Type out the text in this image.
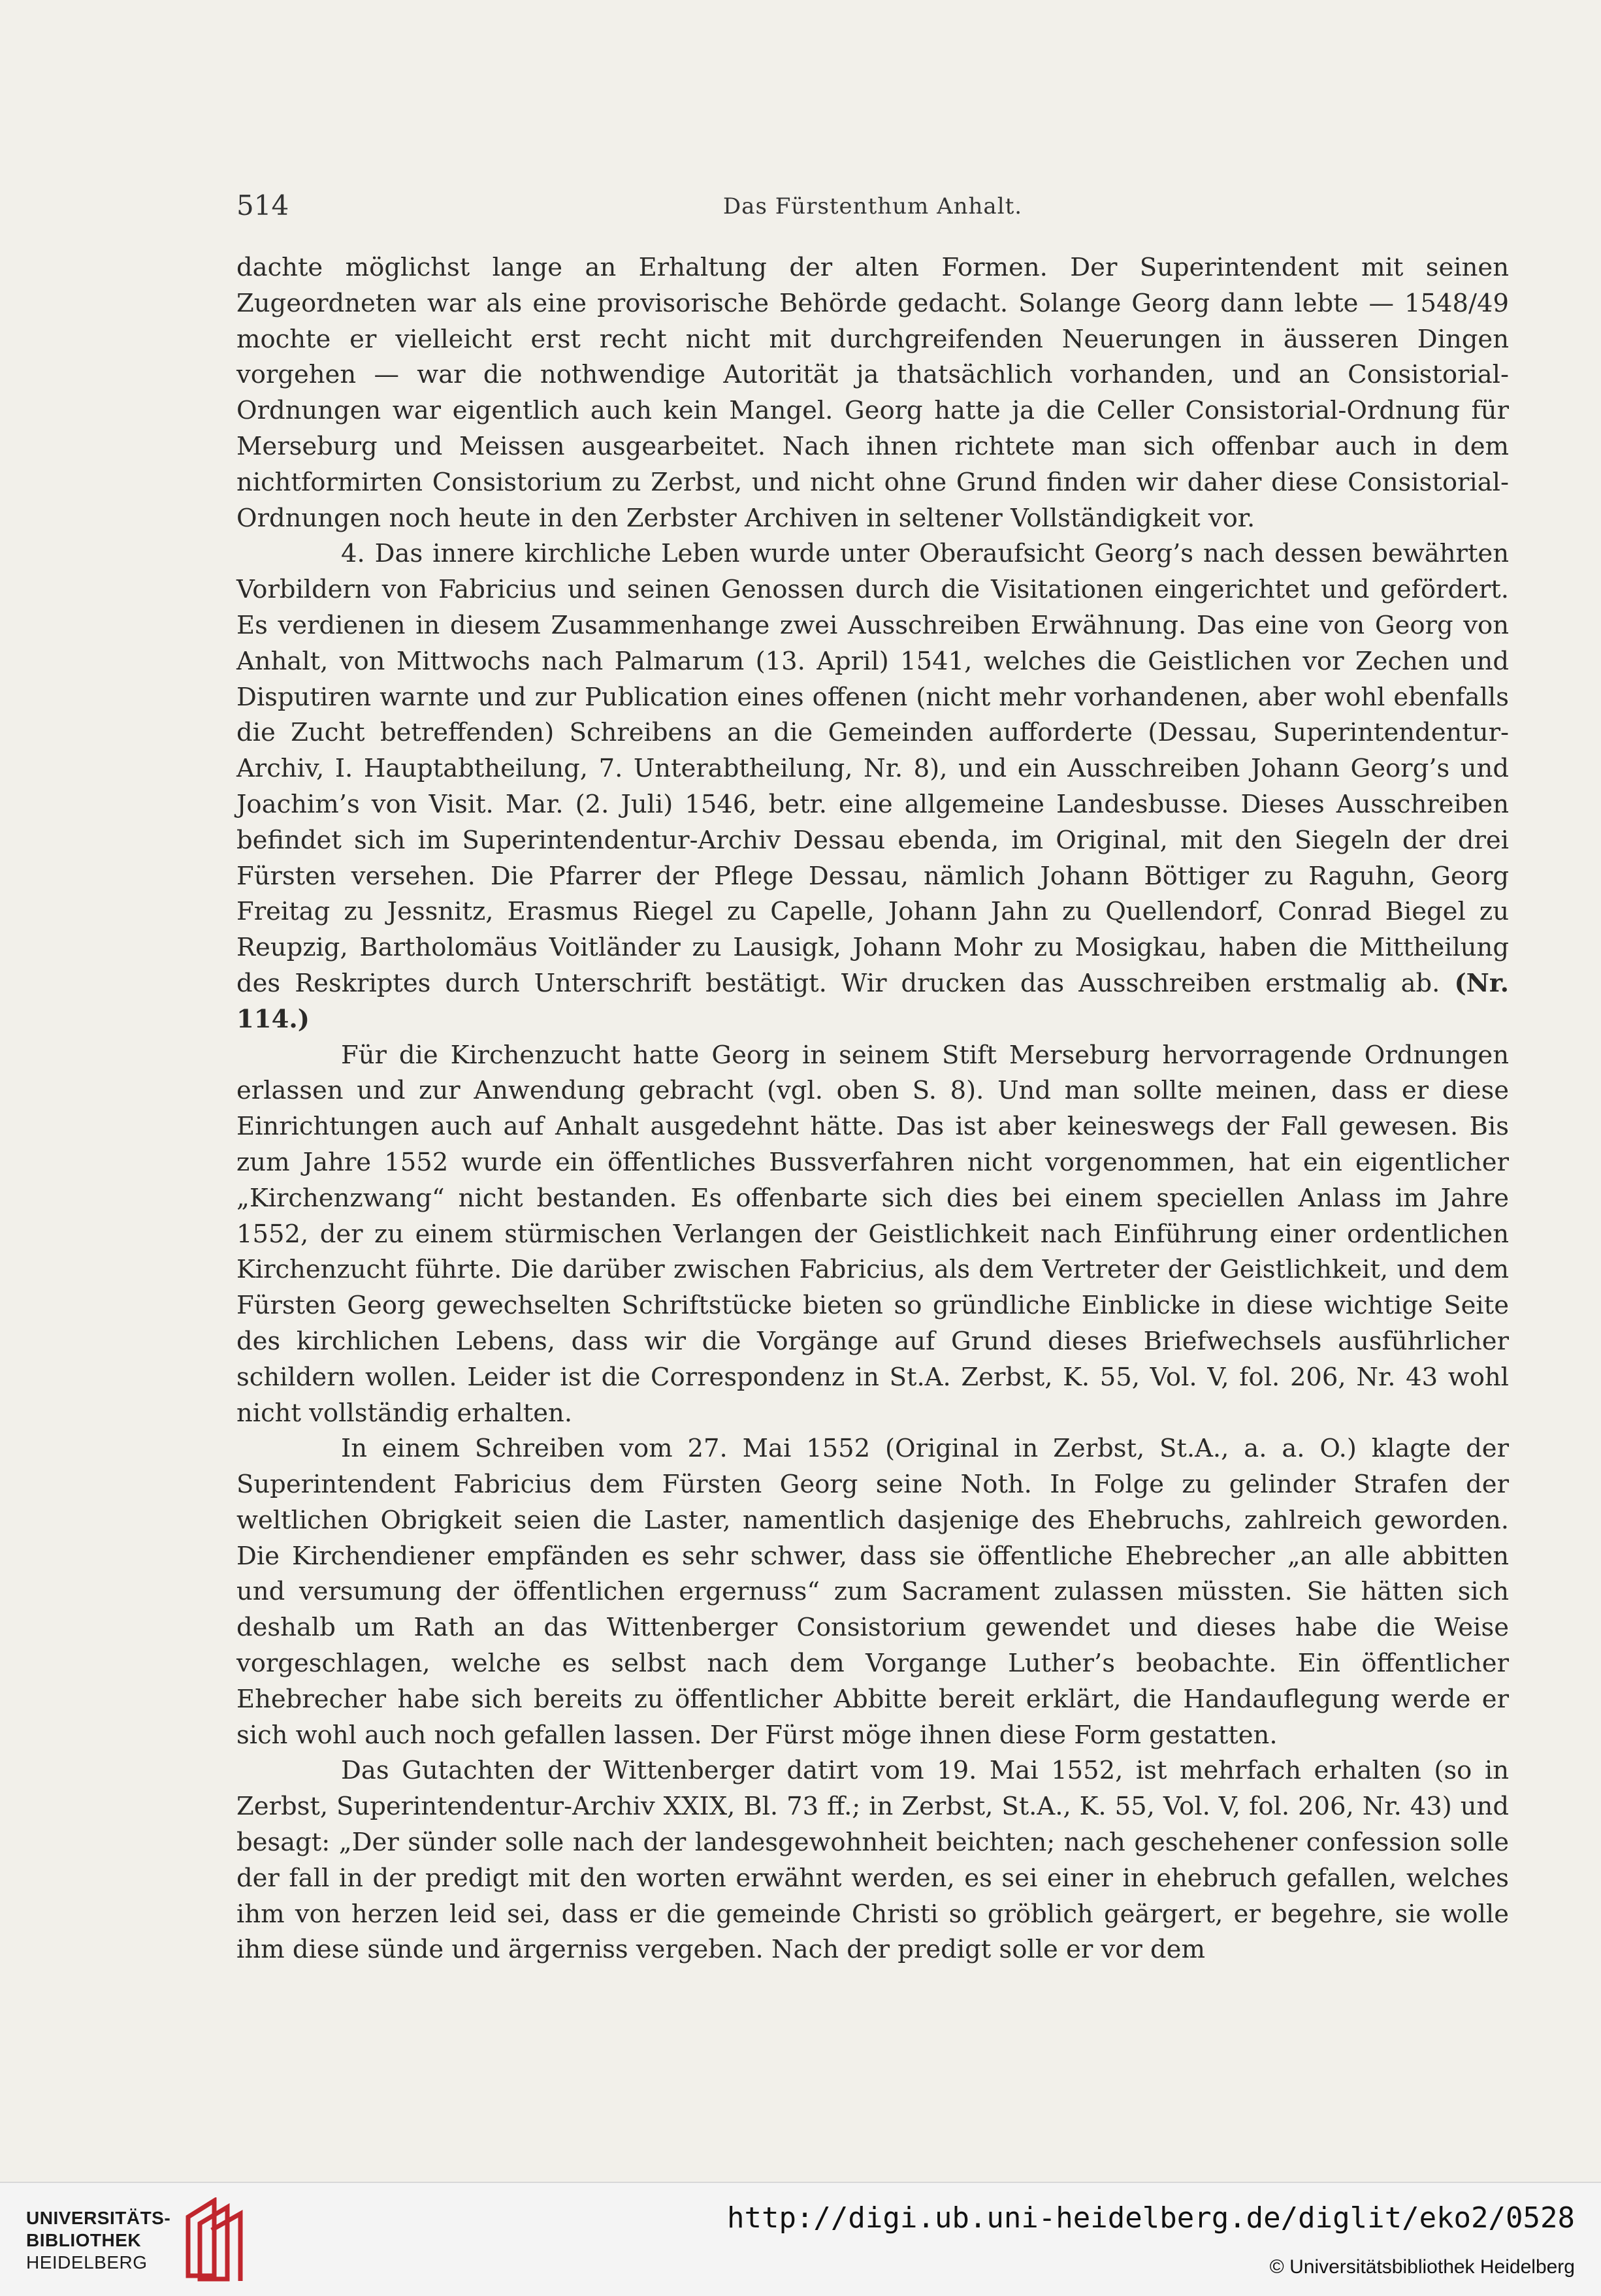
514	Das Fürstenthum Anhalt.

dachte möglichst lange an Erhaltung der alten Formen. Der Superintendent mit seinen Zugeordneten war als eine provisorische Behörde gedacht. Solange Georg dann lebte — 1548/49 mochte er vielleicht erst recht nicht mit durchgreifenden Neuerungen in äusseren Dingen vorgehen — war die nothwendige Autorität ja thatsächlich vorhanden, und an Consistorial-Ordnungen war eigentlich auch kein Mangel. Georg hatte ja die Celler Consistorial-Ordnung für Merseburg und Meissen ausgearbeitet. Nach ihnen richtete man sich offenbar auch in dem nichtformirten Consistorium zu Zerbst, und nicht ohne Grund finden wir daher diese Consistorial-Ordnungen noch heute in den Zerbster Archiven in seltener Vollständigkeit vor.

4. Das innere kirchliche Leben wurde unter Oberaufsicht Georg’s nach dessen bewährten Vorbildern von Fabricius und seinen Genossen durch die Visitationen eingerichtet und gefördert. Es verdienen in diesem Zusammenhange zwei Ausschreiben Erwähnung. Das eine von Georg von Anhalt, von Mittwochs nach Palmarum (13. April) 1541, welches die Geistlichen vor Zechen und Disputiren warnte und zur Publication eines offenen (nicht mehr vorhandenen, aber wohl ebenfalls die Zucht betreffenden) Schreibens an die Gemeinden aufforderte (Dessau, Superintendentur-Archiv, I. Hauptabtheilung, 7. Unterabtheilung, Nr. 8), und ein Ausschreiben Johann Georg’s und Joachim’s von Visit. Mar. (2. Juli) 1546, betr. eine allgemeine Landesbusse. Dieses Ausschreiben befindet sich im Superintendentur-Archiv Dessau ebenda, im Original, mit den Siegeln der drei Fürsten versehen. Die Pfarrer der Pflege Dessau, nämlich Johann Böttiger zu Raguhn, Georg Freitag zu Jessnitz, Erasmus Riegel zu Capelle, Johann Jahn zu Quellendorf, Conrad Biegel zu Reupzig, Bartholomäus Voitländer zu Lausigk, Johann Mohr zu Mosigkau, haben die Mittheilung des Reskriptes durch Unterschrift bestätigt. Wir drucken das Ausschreiben erstmalig ab. (Nr. 114.)

Für die Kirchenzucht hatte Georg in seinem Stift Merseburg hervorragende Ordnungen erlassen und zur Anwendung gebracht (vgl. oben S. 8). Und man sollte meinen, dass er diese Einrichtungen auch auf Anhalt ausgedehnt hätte. Das ist aber keineswegs der Fall gewesen. Bis zum Jahre 1552 wurde ein öffentliches Bussverfahren nicht vorgenommen, hat ein eigentlicher „Kirchenzwang“ nicht bestanden. Es offenbarte sich dies bei einem speciellen Anlass im Jahre 1552, der zu einem stürmischen Verlangen der Geistlichkeit nach Einführung einer ordentlichen Kirchenzucht führte. Die darüber zwischen Fabricius, als dem Vertreter der Geistlichkeit, und dem Fürsten Georg gewechselten Schriftstücke bieten so gründliche Einblicke in diese wichtige Seite des kirchlichen Lebens, dass wir die Vorgänge auf Grund dieses Briefwechsels ausführlicher schildern wollen. Leider ist die Correspondenz in St.A. Zerbst, K. 55, Vol. V, fol. 206, Nr. 43 wohl nicht vollständig erhalten.

In einem Schreiben vom 27. Mai 1552 (Original in Zerbst, St.A., a. a. O.) klagte der Superintendent Fabricius dem Fürsten Georg seine Noth. In Folge zu gelinder Strafen der weltlichen Obrigkeit seien die Laster, namentlich dasjenige des Ehebruchs, zahlreich geworden. Die Kirchendiener empfänden es sehr schwer, dass sie öffentliche Ehebrecher „an alle abbitten und versumung der öffentlichen ergernuss“ zum Sacrament zulassen müssten. Sie hätten sich deshalb um Rath an das Wittenberger Consistorium gewendet und dieses habe die Weise vorgeschlagen, welche es selbst nach dem Vorgange Luther’s beobachte. Ein öffentlicher Ehebrecher habe sich bereits zu öffentlicher Abbitte bereit erklärt, die Handauflegung werde er sich wohl auch noch gefallen lassen. Der Fürst möge ihnen diese Form gestatten.

Das Gutachten der Wittenberger datirt vom 19. Mai 1552, ist mehrfach erhalten (so in Zerbst, Superintendentur-Archiv XXIX, Bl. 73 ff.; in Zerbst, St.A., K. 55, Vol. V, fol. 206, Nr. 43) und besagt: „Der sünder solle nach der landesgewohnheit beichten; nach geschehener confession solle der fall in der predigt mit den worten erwähnt werden, es sei einer in ehebruch gefallen, welches ihm von herzen leid sei, dass er die gemeinde Christi so gröblich geärgert, er begehre, sie wolle ihm diese sünde und ärgerniss vergeben. Nach der predigt solle er vor dem

UNIVERSITÄTS-
BIBLIOTHEK
HEIDELBERG
http://digi.ub.uni-heidelberg.de/diglit/eko2/0528
© Universitätsbibliothek Heidelberg
